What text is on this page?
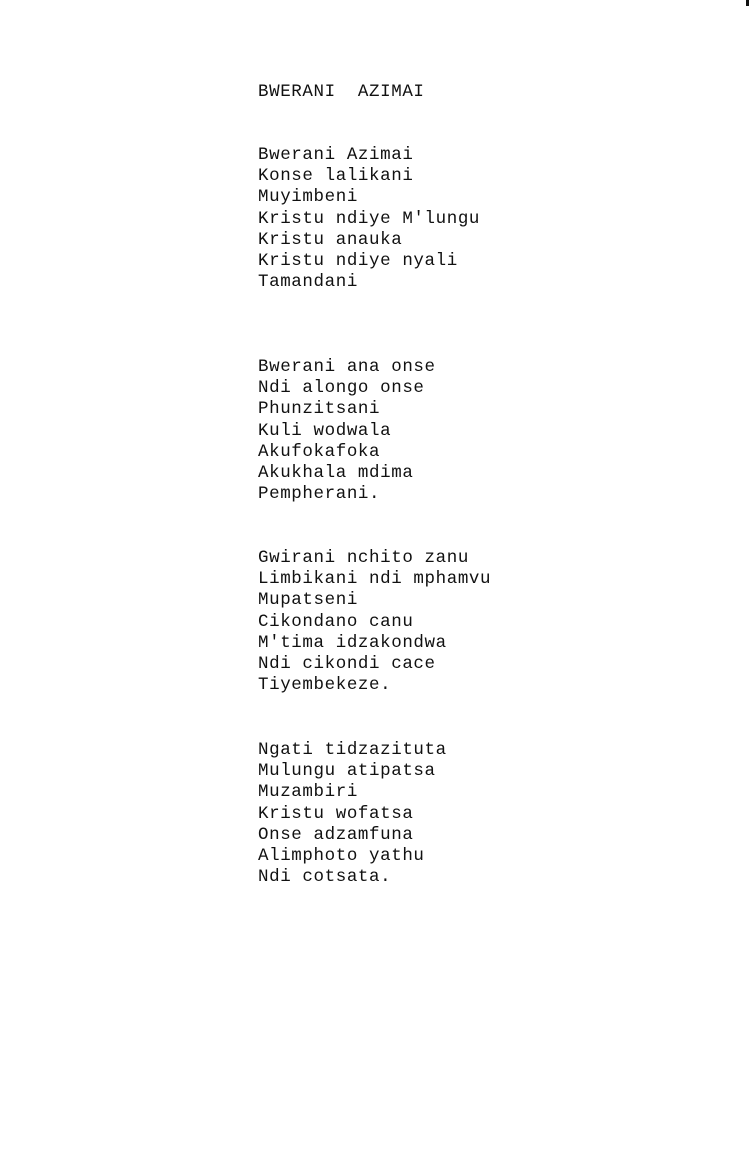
BWERANI  AZIMAI
Bwerani Azimai
Konse lalikani
Muyimbeni
Kristu ndiye M'lungu
Kristu anauka
Kristu ndiye nyali
Tamandani
Bwerani ana onse
Ndi alongo onse
Phunzitsani
Kuli wodwala
Akufokafoka
Akukhala mdima
Pempherani.
Gwirani nchito zanu
Limbikani ndi mphamvu
Mupatseni
Cikondano canu
M'tima idzakondwa
Ndi cikondi cace
Tiyembekeze.
Ngati tidzazituta
Mulungu atipatsa
Muzambiri
Kristu wofatsa
Onse adzamfuna
Alimphoto yathu
Ndi cotsata.
